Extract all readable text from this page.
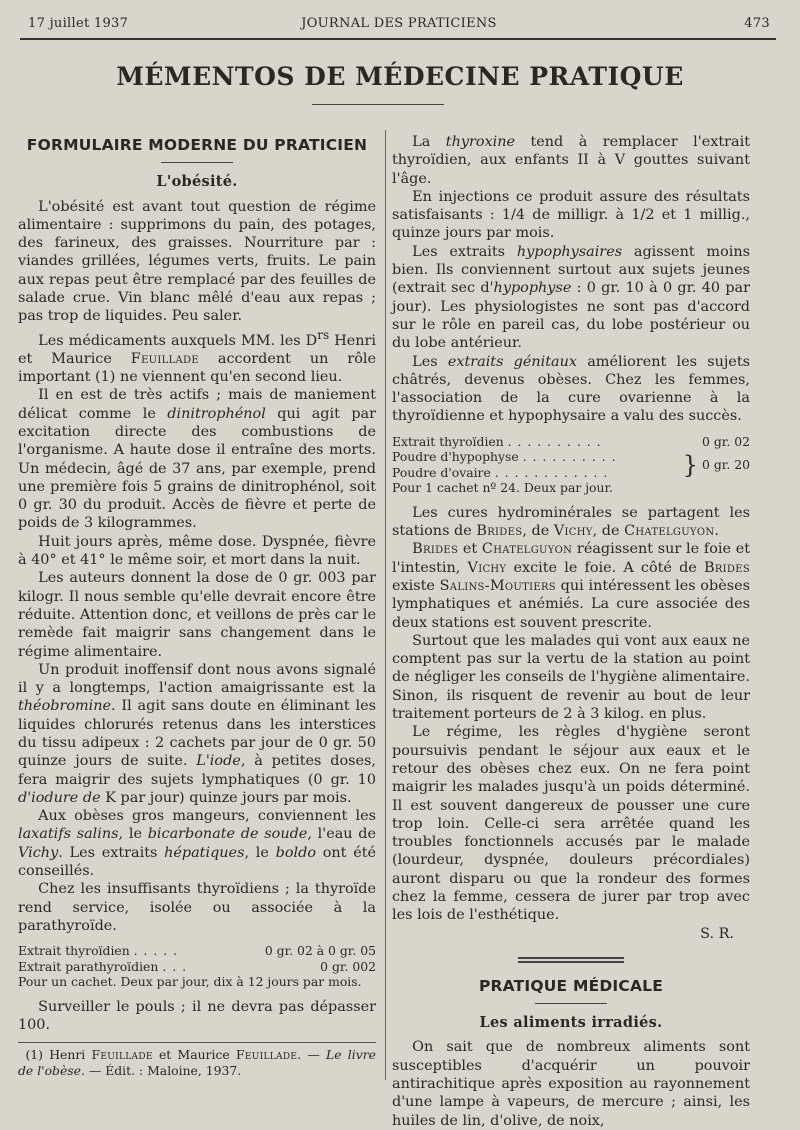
17 juillet 1937	JOURNAL DES PRATICIENS	473
MÉMENTOS DE MÉDECINE PRATIQUE
FORMULAIRE MODERNE DU PRATICIEN
L'obésité.

L'obésité est avant tout question de régime alimentaire : supprimons du pain, des potages, des farineux, des graisses. Nourriture par : viandes grillées, légumes verts, fruits. Le pain aux repas peut être remplacé par des feuilles de salade crue. Vin blanc mêlé d'eau aux repas ; pas trop de liquides. Peu saler.

Les médicaments auxquels MM. les $D^{rs}$ Henri et Maurice Feuillade accordent un rôle important (1) ne viennent qu'en second lieu.

Il en est de très actifs ; mais de maniement délicat comme le dinitrophénol qui agit par excitation directe des combustions de l'organisme. A haute dose il entraîne des morts. Un médecin, âgé de 37 ans, par exemple, prend une première fois 5 grains de dinitrophénol, soit 0 gr. 30 du produit. Accès de fièvre et perte de poids de 3 kilogrammes.

Huit jours après, même dose. Dyspnée, fièvre à 40° et 41° le même soir, et mort dans la nuit.

Les auteurs donnent la dose de 0 gr. 003 par kilogr. Il nous semble qu'elle devrait encore être réduite. Attention donc, et veillons de près car le remède fait maigrir sans changement dans le régime alimentaire.

Un produit inoffensif dont nous avons signalé il y a longtemps, l'action amaigrissante est la théobromine. Il agit sans doute en éliminant les liquides chlorurés retenus dans les interstices du tissu adipeux : 2 cachets par jour de 0 gr. 50 quinze jours de suite. L'iode, à petites doses, fera maigrir des sujets lymphatiques (0 gr. 10 d'iodure de K par jour) quinze jours par mois.

Aux obèses gros mangeurs, conviennent les laxatifs salins, le bicarbonate de soude, l'eau de Vichy. Les extraits hépatiques, le boldo ont été conseillés.

Chez les insuffisants thyroïdiens ; la thyroïde rend service, isolée ou associée à la parathyroïde.

Extrait thyroïdien . . . . .	0 gr. 02 à 0 gr. 05
Extrait parathyroïdien . . .	0 gr. 002
Pour un cachet. Deux par jour, dix à 12 jours par mois.

Surveiller le pouls ; il ne devra pas dépasser 100.

(1) Henri Feuillade et Maurice Feuillade. — Le livre de l'obèse. — Édit. : Maloine, 1937.

La thyroxine tend à remplacer l'extrait thyroïdien, aux enfants II à V gouttes suivant l'âge.

En injections ce produit assure des résultats satisfaisants : 1/4 de milligr. à 1/2 et 1 millig., quinze jours par mois.

Les extraits hypophysaires agissent moins bien. Ils conviennent surtout aux sujets jeunes (extrait sec d'hypophyse : 0 gr. 10 à 0 gr. 40 par jour). Les physiologistes ne sont pas d'accord sur le rôle en pareil cas, du lobe postérieur ou du lobe antérieur.

Les extraits génitaux améliorent les sujets châtrés, devenus obèses. Chez les femmes, l'association de la cure ovarienne à la thyroïdienne et hypophysaire a valu des succès.

Extrait thyroïdien . . . . . . . . . .	0 gr. 02
Poudre d'hypophyse . . . . . . . . . .
Poudre d'ovaire . . . . . . . . . . . .	} 0 gr. 20
Pour 1 cachet nº 24. Deux par jour.

Les cures hydrominérales se partagent les stations de Brides, de Vichy, de Chatelguyon.

Brides et Chatelguyon réagissent sur le foie et l'intestin, Vichy excite le foie. A côté de Brides existe Salins-Moutiers qui intéressent les obèses lymphatiques et anémiés. La cure associée des deux stations est souvent prescrite.

Surtout que les malades qui vont aux eaux ne comptent pas sur la vertu de la station au point de négliger les conseils de l'hygiène alimentaire. Sinon, ils risquent de revenir au bout de leur traitement porteurs de 2 à 3 kilog. en plus.

Le régime, les règles d'hygiène seront poursuivis pendant le séjour aux eaux et le retour des obèses chez eux. On ne fera point maigrir les malades jusqu'à un poids déterminé. Il est souvent dangereux de pousser une cure trop loin. Celle-ci sera arrêtée quand les troubles fonctionnels accusés par le malade (lourdeur, dyspnée, douleurs précordiales) auront disparu ou que la rondeur des formes chez la femme, cessera de jurer par trop avec les lois de l'esthétique.

S. R.
PRATIQUE MÉDICALE
Les aliments irradiés.

On sait que de nombreux aliments sont susceptibles d'acquérir un pouvoir antirachitique après exposition au rayonnement d'une lampe à vapeurs, de mercure ; ainsi, les huiles de lin, d'olive, de noix,
